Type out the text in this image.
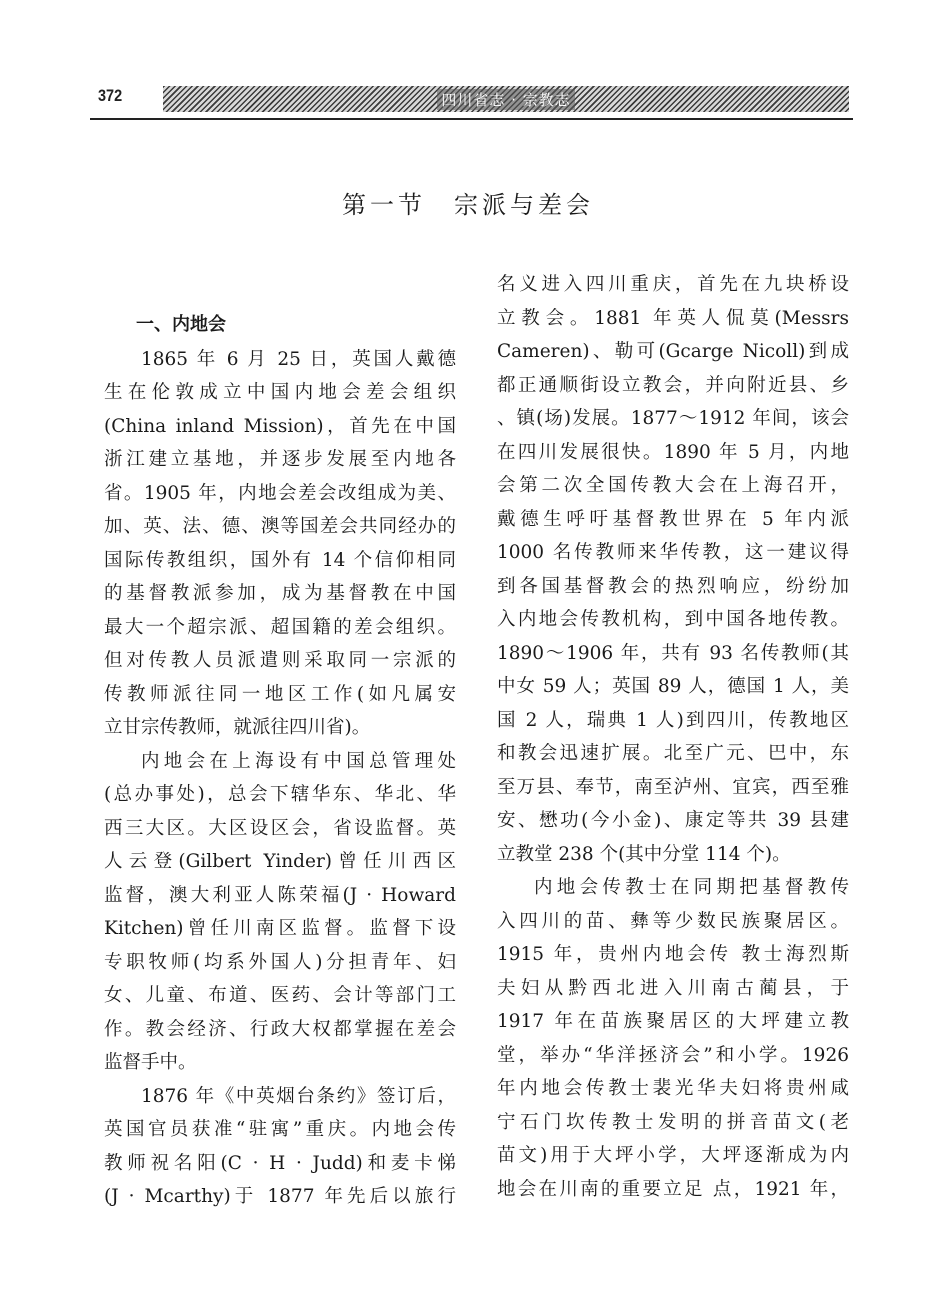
372	四川省志 · 宗教志
第一节 宗派与差会
一、内地会
1865 年 6 月 25 日，英国人戴德
生在伦敦成立中国内地会差会组织
(China inland Mission)，首先在中国
浙江建立基地，并逐步发展至内地各
省。1905 年，内地会差会改组成为美、
加、英、法、德、澳等国差会共同经办的
国际传教组织，国外有 14 个信仰相同
的基督教派参加，成为基督教在中国
最大一个超宗派、超国籍的差会组织。
但对传教人员派遣则采取同一宗派的
传教师派往同一地区工作(如凡属安
立甘宗传教师，就派往四川省)。
内地会在上海设有中国总管理处
(总办事处)，总会下辖华东、华北、华
西三大区。大区设区会，省设监督。英
人云登(Gilbert Yinder)曾任川西区
监督，澳大利亚人陈荣福(J · Howard
Kitchen)曾任川南区监督。监督下设
专职牧师(均系外国人)分担青年、妇
女、儿童、布道、医药、会计等部门工
作。教会经济、行政大权都掌握在差会
监督手中。
1876 年《中英烟台条约》签订后，
英国官员获准“驻寓”重庆。内地会传
教师祝名阳(C · H · Judd)和麦卡悌
(J · Mcarthy)于 1877 年先后以旅行
名义进入四川重庆，首先在九块桥设
立教会。1881 年英人侃莫(Messrs
Cameren)、勒可(Gcarge Nicoll)到成
都正通顺街设立教会，并向附近县、乡
、镇(场)发展。1877～1912 年间，该会
在四川发展很快。1890 年 5 月，内地
会第二次全国传教大会在上海召开，
戴德生呼吁基督教世界在 5 年内派
1000 名传教师来华传教，这一建议得
到各国基督教会的热烈响应，纷纷加
入内地会传教机构，到中国各地传教。
1890～1906 年，共有 93 名传教师(其
中女 59 人；英国 89 人，德国 1 人，美
国 2 人，瑞典 1 人)到四川，传教地区
和教会迅速扩展。北至广元、巴中，东
至万县、奉节，南至泸州、宜宾，西至雅
安、懋功(今小金)、康定等共 39 县建
立教堂 238 个(其中分堂 114 个)。
内地会传教士在同期把基督教传
入四川的苗、彝等少数民族聚居区。
1915 年，贵州内地会传 教士海烈斯
夫妇从黔西北进入川南古蔺县，于
1917 年在苗族聚居区的大坪建立教
堂，举办“华洋拯济会”和小学。1926
年内地会传教士裴光华夫妇将贵州咸
宁石门坎传教士发明的拼音苗文(老
苗文)用于大坪小学，大坪逐渐成为内
地会在川南的重要立足 点，1921 年，
